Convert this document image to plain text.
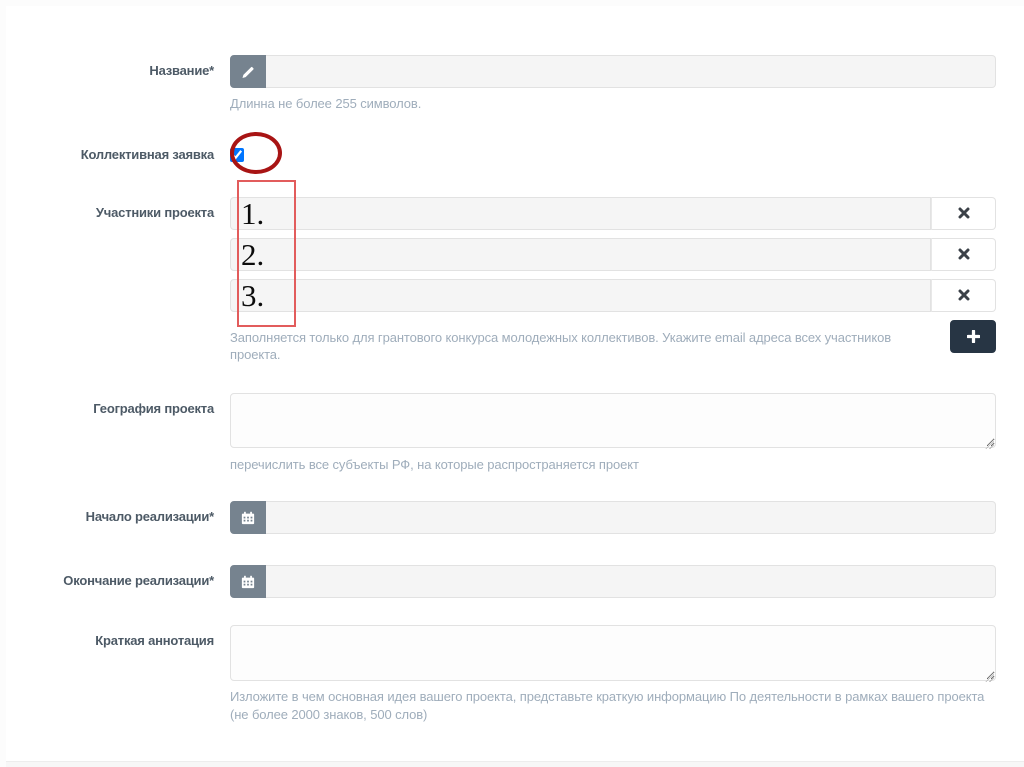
Название*
Длинна не более 255 символов.
Коллективная заявка
Участники проекта
Заполняется только для грантового конкурса молодежных коллективов. Укажите email адреса всех участников проекта.
География проекта
перечислить все субъекты РФ, на которые распространяется проект
Начало реализации*
Окончание реализации*
Краткая аннотация
Изложите в чем основная идея вашего проекта, представьте краткую информацию По деятельности в рамках вашего проекта (не более 2000 знаков, 500 слов)
1.
2.
3.
